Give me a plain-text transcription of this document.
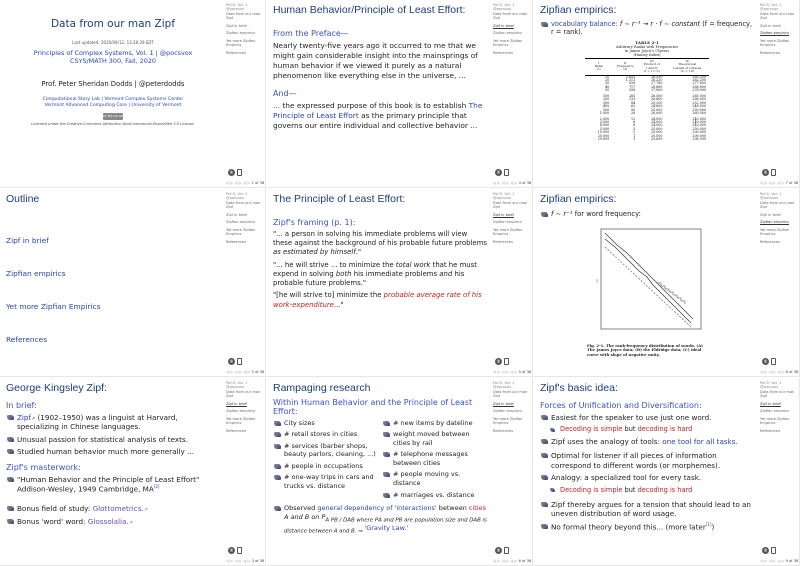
Data from our man Zipf
Last updated: 2020/09/12, 13:28:29 EDT
Principles of Complex Systems, Vol. 1 | @pocsvox
CSYS/MATH 300, Fall, 2020
Prof. Peter Sheridan Dodds | @peterdodds
Computational Story Lab | Vermont Complex Systems Center
Vermont Advanced Computing Core | University of Vermont
cc by-nc-sa
Licensed under the Creative Commons Attribution-NonCommercial-ShareAlike 3.0 License.
PoCS, Vol. 1
@pocsvox
Data from our man Zipf
Zipf in brief
Zipfian empirics
Yet more Zipfian Empirics
References
®
◁ ▷ ◁ ▷ ◁ ▷ 1 of 38
Outline
Zipf in brief
Zipfian empirics
Yet more Zipfian Empirics
References
PoCS, Vol. 1
@pocsvox
Data from our man Zipf
Zipf in brief
Zipfian empirics
Yet more Zipfian Empirics
References
®
◁ ▷ ◁ ▷ ◁ ▷ 2 of 38
George Kingsley Zipf:
In brief:
Zipf↗ (1902–1950) was a linguist at Harvard, specializing in Chinese languages.
Unusual passion for statistical analysis of texts.
Studied human behavior much more generally ...
Zipf's masterwork:
"Human Behavior and the Principle of Least Effort" Addison-Wesley, 1949 Cambridge, MA[2]
Bonus field of study: Glottometrics.↗
Bonus 'word' word: Glossolalia.↗
PoCS, Vol. 1
@pocsvox
Data from our man Zipf
Zipf in brief
Zipfian empirics
Yet more Zipfian Empirics
References
®
◁ ▷ ◁ ▷ ◁ ▷ 3 of 38
Human Behavior/Principle of Least Effort:
From the Preface—
Nearly twenty-five years ago it occurred to me that we might gain considerable insight into the mainsprings of human behavior if we viewed it purely as a natural phenomenon like everything else in the universe, ...
And—
... the expressed purpose of this book is to establish The Principle of Least Effort as the primary principle that governs our entire individual and collective behavior ...
PoCS, Vol. 1
@pocsvox
Data from our man Zipf
Zipf in brief
Zipfian empirics
Yet more Zipfian Empirics
References
®
◁ ▷ ◁ ▷ ◁ ▷ 4 of 38
The Principle of Least Effort:
Zipf's framing (p. 1):
"... a person in solving his immediate problems will view these against the background of his probable future problems as estimated by himself."
"... he will strive ... to minimize the total work that he must expend in solving both his immediate problems and his probable future problems."
"[he will strive to] minimize the probable average rate of his work-expenditure..."
PoCS, Vol. 1
@pocsvox
Data from our man Zipf
Zipf in brief
Zipfian empirics
Yet more Zipfian Empirics
References
®
◁ ▷ ◁ ▷ ◁ ▷ 5 of 38
Rampaging research
Within Human Behavior and the Principle of Least Effort:
City sizes
# retail stores in cities
# services (barber shops, beauty parlors, cleaning, ...)
# people in occupations
# one-way trips in cars and trucks vs. distance
# new items by dateline
weight moved between cities by rail
# telephone messages between cities
# people moving vs. distance
# marriages vs. distance
Observed general dependency of 'interactions' between cities A and B on $P_{A PB / DAB where PA and PB are population size and DAB is distance between A and B. \Rightarrow}$ 'Gravity Law.'
PoCS, Vol. 1
@pocsvox
Data from our man Zipf
Zipf in brief
Zipfian empirics
Yet more Zipfian Empirics
References
®
◁ ▷ ◁ ▷ ◁ ▷ 6 of 38
Zipfian empirics:
vocabulary balance: f ∼ r⁻¹ → r · f ∼ constant (f = frequency, r = rank).
TABLE 2-1
Arbitrary Ranks with Frequencies
in James Joyce's Ulysses
(Hanley Index)
I
Rank
(r)	II
Frequency
(f)	III
Product of
I and II
(r × f = C)	IV
Theoretical
Length of Ulysses
(C × 10)
10	2,653	26,530	265,300
20	1,311	26,220	262,200
30	926	27,780	277,800
40	717	28,680	286,800
50	556	27,800	278,000
100	265	26,500	265,000
200	133	26,600	266,000
300	84	25,200	252,000
400	62	24,800	248,000
500	50	25,000	250,000
1,000	26	26,000	260,000
2,000	12	24,000	240,000
3,000	8	24,000	240,000
4,000	6	24,000	240,000
5,000	5	25,000	250,000
10,000	2	20,000	200,000
20,000	1	20,000	200,000
29,899	1	29,899	298,990
PoCS, Vol. 1
@pocsvox
Data from our man Zipf
Zipf in brief
Zipfian empirics
Yet more Zipfian Empirics
References
®
◁ ▷ ◁ ▷ ◁ ▷ 7 of 38
Zipfian empirics:
f ∼ r⁻¹ for word frequency:
Fig. 2-1. The rank-frequency distribution of words. (A) The James Joyce data; (B) the Eldridge data; (C) ideal curve with slope of negative unity.
PoCS, Vol. 1
@pocsvox
Data from our man Zipf
Zipf in brief
Zipfian empirics
Yet more Zipfian Empirics
References
®
◁ ▷ ◁ ▷ ◁ ▷ 8 of 38
Zipf's basic idea:
Forces of Unification and Diversification:
Easiest for the speaker to use just one word.
Decoding is simple but decoding is hard
Zipf uses the analogy of tools: one tool for all tasks.
Optimal for listener if all pieces of information correspond to different words (or morphemes).
Analogy: a specialized tool for every task.
Decoding is simple but decoding is hard
Zipf thereby argues for a tension that should lead to an uneven distribution of word usage.
No formal theory beyond this... (more later[1])
PoCS, Vol. 1
@pocsvox
Data from our man Zipf
Zipf in brief
Zipfian empirics
Yet more Zipfian Empirics
References
®
◁ ▷ ◁ ▷ ◁ ▷ 9 of 38
